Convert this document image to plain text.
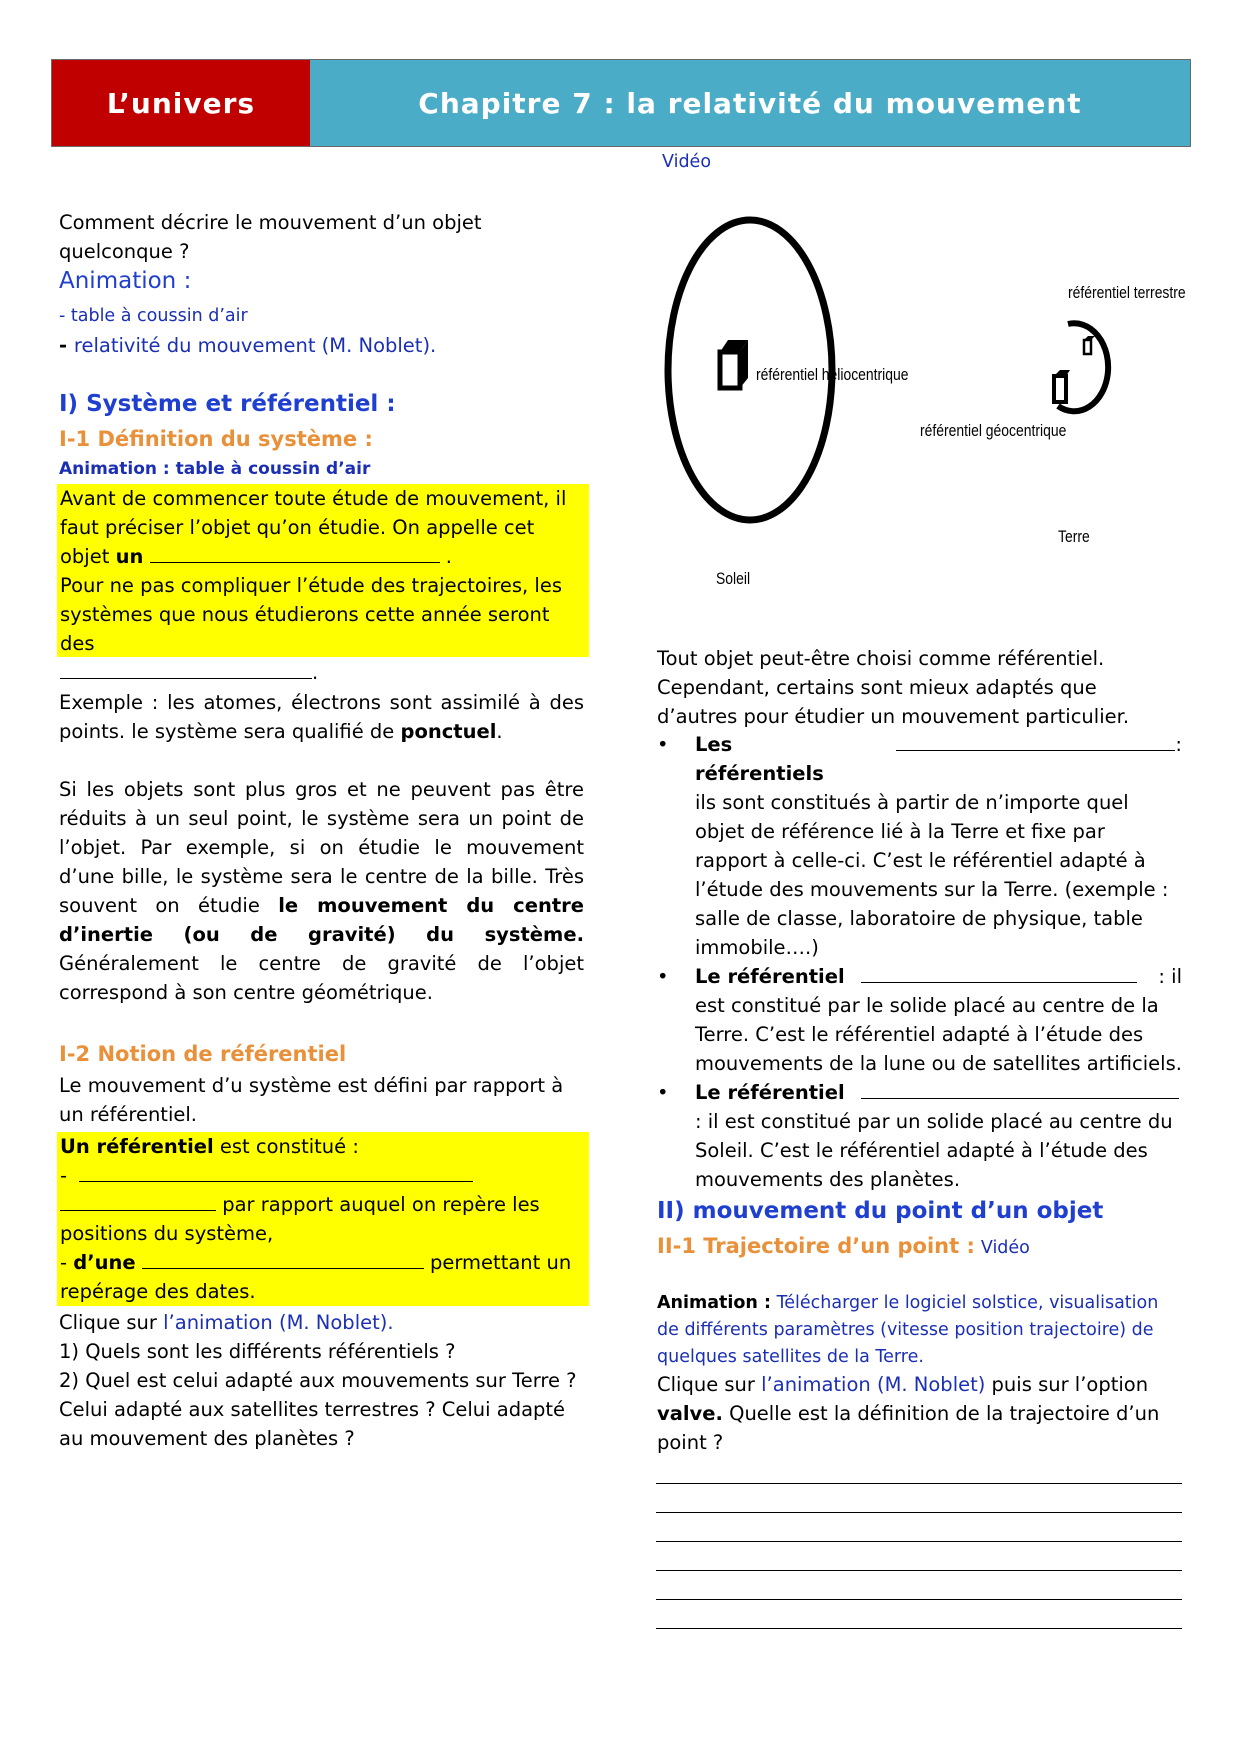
L’univers	Chapitre 7 : la relativité du mouvement
Vidéo
Comment décrire le mouvement d’un objet quelconque ?
Animation :
- table à coussin d’air
- relativité du mouvement (M. Noblet).
I) Système et référentiel :
I-1 Définition du système :
Animation : table à coussin d’air
Avant de commencer toute étude de mouvement, il
faut préciser l’objet qu’on étudie. On appelle cet
objet un	.
Pour ne pas compliquer l’étude des trajectoires, les
systèmes que nous étudierons cette année seront des
.
Exemple : les atomes, électrons sont assimilé à des points. le système sera qualifié de ponctuel.
Si les objets sont plus gros et ne peuvent pas être réduits à un seul point, le système sera un point de l’objet. Par exemple, si on étudie le mouvement d’une bille, le système sera le centre de la bille. Très souvent on étudie le mouvement du centre d’inertie (ou de gravité) du système. Généralement le centre de gravité de l’objet correspond à son centre géométrique.
I-2 Notion de référentiel
Le mouvement d’u système est défini par rapport à un référentiel.
Un référentiel est constitué :
-
par rapport auquel on repère les
positions du système,
- d’une	permettant un
repérage des dates.
Clique sur l’animation (M. Noblet).
1) Quels sont les différents référentiels ?
2) Quel est celui adapté aux mouvements sur Terre ? Celui adapté aux satellites terrestres ? Celui adapté au mouvement des planètes ?
référentiel héliocentrique
référentiel terrestre
référentiel géocentrique
Terre
Soleil
Tout objet peut-être choisi comme référentiel. Cependant, certains sont mieux adaptés que d’autres pour étudier un mouvement particulier.
• Les référentiels
:
ils sont constitués à partir de n’importe quel objet de référence lié à la Terre et fixe par rapport à celle-ci. C’est le référentiel adapté à l’étude des mouvements sur la Terre. (exemple : salle de classe, laboratoire de physique, table immobile….)
• Le référentiel	: il
est constitué par le solide placé au centre de la Terre. C’est le référentiel adapté à l’étude des mouvements de la lune ou de satellites artificiels.
• Le référentiel
: il est constitué par un solide placé au centre du Soleil. C’est le référentiel adapté à l’étude des mouvements des planètes.
II) mouvement du point d’un objet
II-1 Trajectoire d’un point : Vidéo
Animation : Télécharger le logiciel solstice, visualisation de différents paramètres (vitesse position trajectoire) de quelques satellites de la Terre.
Clique sur l’animation (M. Noblet) puis sur l’option valve. Quelle est la définition de la trajectoire d’un point ?
